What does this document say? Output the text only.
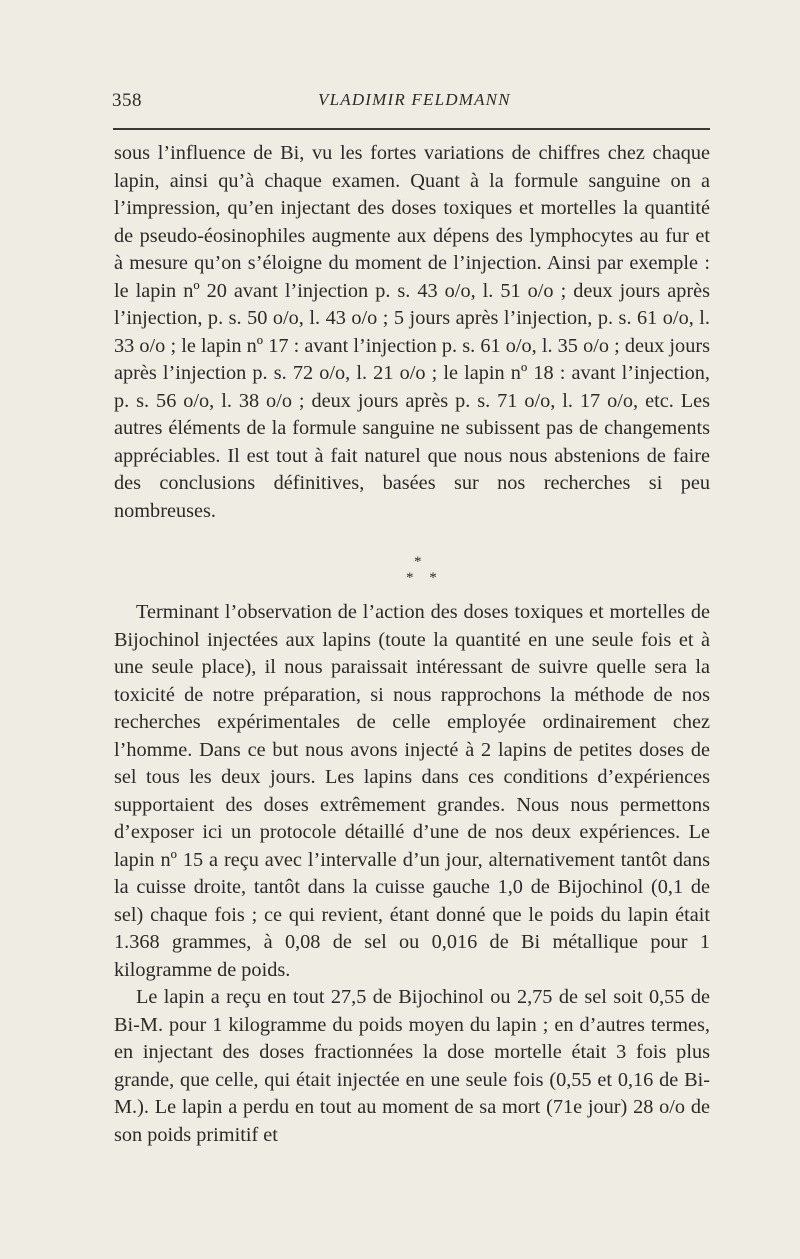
358	VLADIMIR FELDMANN

sous l’influence de Bi, vu les fortes variations de chiffres chez chaque lapin, ainsi qu’à chaque examen. Quant à la formule sanguine on a l’impression, qu’en injectant des doses toxiques et mortelles la quantité de pseudo-éosinophiles augmente aux dépens des lymphocytes au fur et à mesure qu’on s’éloigne du moment de l’injection. Ainsi par exemple : le lapin nº 20 avant l’injection p. s. 43 o/o, l. 51 o/o ; deux jours après l’injection, p. s. 50 o/o, l. 43 o/o ; 5 jours après l’injection, p. s. 61 o/o, l. 33 o/o ; le lapin nº 17 : avant l’injection p. s. 61 o/o, l. 35 o/o ; deux jours après l’injection p. s. 72 o/o, l. 21 o/o ; le lapin nº 18 : avant l’injection, p. s. 56 o/o, l. 38 o/o ; deux jours après p. s. 71 o/o, l. 17 o/o, etc. Les autres éléments de la formule sanguine ne subissent pas de changements appréciables. Il est tout à fait naturel que nous nous abstenions de faire des conclusions définitives, basées sur nos recherches si peu nombreuses.

*
* *

Terminant l’observation de l’action des doses toxiques et mortelles de Bijochinol injectées aux lapins (toute la quantité en une seule fois et à une seule place), il nous paraissait intéressant de suivre quelle sera la toxicité de notre préparation, si nous rapprochons la méthode de nos recherches expérimentales de celle employée ordinairement chez l’homme. Dans ce but nous avons injecté à 2 lapins de petites doses de sel tous les deux jours. Les lapins dans ces conditions d’expériences supportaient des doses extrêmement grandes. Nous nous permettons d’exposer ici un protocole détaillé d’une de nos deux expériences. Le lapin nº 15 a reçu avec l’intervalle d’un jour, alternativement tantôt dans la cuisse droite, tantôt dans la cuisse gauche 1,0 de Bijochinol (0,1 de sel) chaque fois ; ce qui revient, étant donné que le poids du lapin était 1.368 grammes, à 0,08 de sel ou 0,016 de Bi métallique pour 1 kilogramme de poids.

Le lapin a reçu en tout 27,5 de Bijochinol ou 2,75 de sel soit 0,55 de Bi-M. pour 1 kilogramme du poids moyen du lapin ; en d’autres termes, en injectant des doses fractionnées la dose mortelle était 3 fois plus grande, que celle, qui était injectée en une seule fois (0,55 et 0,16 de Bi-M.). Le lapin a perdu en tout au moment de sa mort (71e jour) 28 o/o de son poids primitif et
